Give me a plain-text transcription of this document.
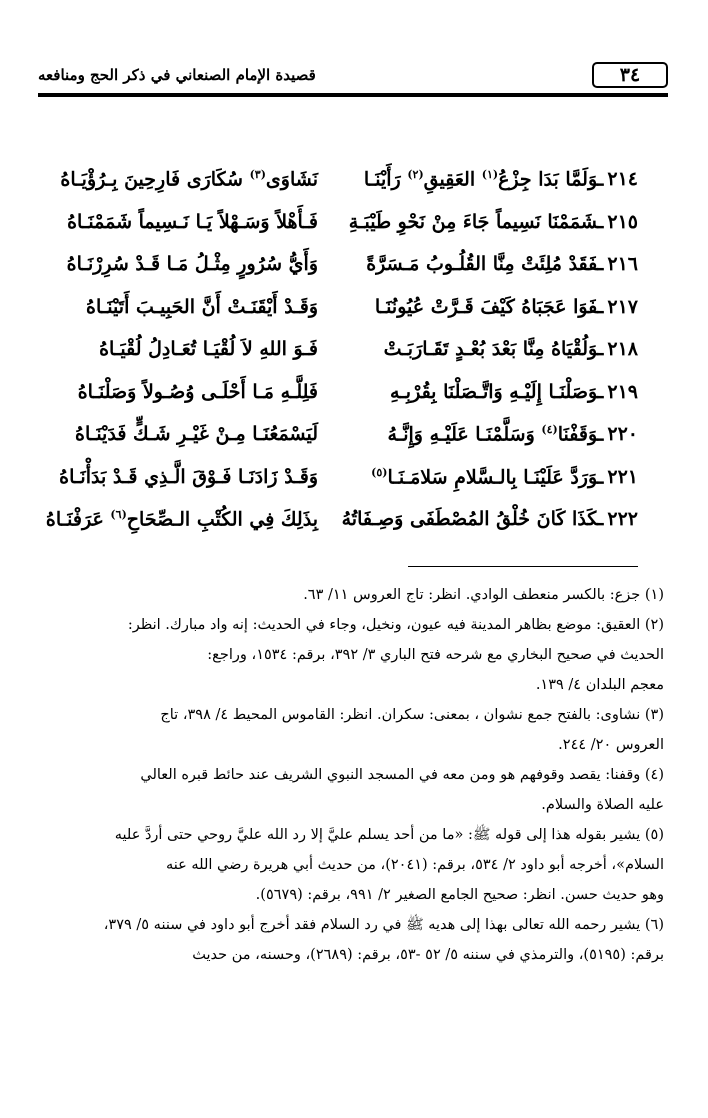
٣٤
قصيدة الإمام الصنعاني في ذكر الحج ومنافعه
٢١٤ـوَلَمَّا بَدَا جِزْعُ$^{(١)}$ العَقِيقِ$^{(٢)}$ رَأَيْنَـا
نَشَاوَى$^{(٣)}$ سُكَارَى فَارِحِينَ بِـرُؤْيَـاهُ
٢١٥ـشَمَمْنَا نَسِيماً جَاءَ مِنْ نَحْوِ طَيْبَـةِ
فَـأَهْلاً وَسَـهْلاً يَـا نَـسِيماً شَمَمْنَـاهُ
٢١٦ـفَقَدْ مُلِئَتْ مِنَّا القُلُـوبُ مَـسَرَّةً
وَأَيُّ سُرُورٍ مِثْـلُ مَـا قَـدْ سُرِرْنَـاهُ
٢١٧ـفَوَا عَجَبَاهُ كَيْفَ قَـرَّتْ عُيُونُنَـا
وَقَـدْ أَيْقَنَـتْ أَنَّ الحَبِيـبَ أَتَيْنَـاهُ
٢١٨ـوَلُقْيَاهُ مِنَّا بَعْدَ بُعْـدٍ تَقَـارَبَـتْ
فَـوَ اللهِ لاَ لُقْيَـا تُعَـادِلُ لُقْيَـاهُ
٢١٩ـوَصَلْنَـا إِلَيْـهِ وَاتَّـصَلْنَا بِقُرْبِـهِ
فَلِلَّـهِ مَـا أَحْلَـى وُصُـولاً وَصَلْنَـاهُ
٢٢٠ـوَقَفْنَا$^{(٤)}$ وَسَلَّمْنَـا عَلَيْـهِ وَإِنَّـهُ
لَيَسْمَعُنَـا مِـنْ غَيْـرِ شَـكٍّ فَدَيْنَـاهُ
٢٢١ـوَرَدَّ عَلَيْنَـا بِالـسَّلامِ سَلامَـنَـا$^{(٥)}$
وَقَـدْ زَادَنَـا فَـوْقَ الَّـذِي قَـدْ بَدَأْنَـاهُ
٢٢٢ـكَذَا كَانَ خُلْقُ المُصْطَفَى وَصِـفَاتُهُ
بِذَلِكَ فِي الكُتْبِ الـصِّحَاحِ$^{(٦)}$ عَرَفْنَـاهُ

(١) جزع: بالكسر منعطف الوادي. انظر: تاج العروس ١١/ ٦٣.

(٢) العقيق: موضع بظاهر المدينة فيه عيون، ونخيل، وجاء في الحديث: إنه واد مبارك. انظر:

الحديث في صحيح البخاري مع شرحه فتح الباري ٣/ ٣٩٢، برقم: ١٥٣٤، وراجع:

معجم البلدان ٤/ ١٣٩.

(٣) نشاوى: بالفتح جمع نشوان ، بمعنى: سكران. انظر: القاموس المحيط ٤/ ٣٩٨، تاج

العروس ٢٠/ ٢٤٤.

(٤) وقفنا: يقصد وقوفهم هو ومن معه في المسجد النبوي الشريف عند حائط قبره العالي

عليه الصلاة والسلام.

(٥) يشير بقوله هذا إلى قوله ﷺ: «ما من أحد يسلم عليَّ إلا رد الله عليَّ روحي حتى أردَّ عليه

السلام»، أخرجه أبو داود ٢/ ٥٣٤، برقم: (٢٠٤١)، من حديث أبي هريرة رضي الله عنه

وهو حديث حسن. انظر: صحيح الجامع الصغير ٢/ ٩٩١، برقم: (٥٦٧٩).

(٦) يشير رحمه الله تعالى بهذا إلى هديه ﷺ في رد السلام فقد أخرج أبو داود في سننه ٥/ ٣٧٩،

برقم: (٥١٩٥)، والترمذي في سننه ٥/ ٥٢ -٥٣، برقم: (٢٦٨٩)، وحسنه، من حديث
